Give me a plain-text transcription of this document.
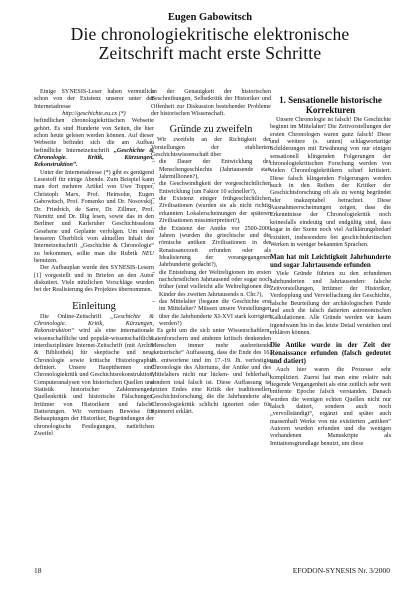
Eugen Gabowitsch
Die chronologiekritische elektronische
Zeitschrift macht erste Schritte

Einige SYNESIS-Leser haben vermutlich schon von der Existenz unserer unter der Internetadresse

http://geschichte.eu.cx (*)

befindlichen chronologiekritischen Webseite gehört. Es sind Hunderte von Seiten, die hier schon heute gelesen werden können. Auf dieser Webseite befindet sich die am Aufbau befindliche Internetzeitschrift „Geschichte & Chronologie. Kritik, Kürzungen, Rekonstruktion“.

Unter der Internetadresse (*) gibt es genügend Lesestoff für einige Abende. Zum Beispiel kann man dort mehrere Artikel von Uwe Topper, Christoph Marx, Prof. Heinsohn, Eugen Gabowitsch, Prof. Fomenko und Dr. Nosovskij, Dr. Friedrich, de Sarre, Dr. Zillmer, Prof. Niemitz und Dr. Illig lesen, sowie das in den Berliner und Karlsruher Geschichtssalons Gesehene und Geplante verfolgen. Um einen besseren Überblick vom aktuellen Inhalt der Internetzeitschrift „Geschichte & Chronologie“ zu bekommen, sollte man die Rubrik NEU benutzen.

Der Aufbauplan wurde den SYNESIS-Lesern [1] vorgestellt und in Briefen an den Autor diskutiert. Viele nützlichen Vorschläge wurden bei der Realisierung des Projektes übernommen.

Einleitung

Die Online-Zeitschrift „Geschichte & Chronologie. Kritik, Kürzungen, Rekonstruktion“ wird als eine internationale wissenschaftliche und populär-wissenschaftliche interdisziplinäre Internet-Zeitschrift (mit Archiv & Bibliothek) für skeptische und neue Chronologie sowie kritische Historiographie definiert. Unsere Hauptthemen sind Chronologiekritik und Geschichtsrekonstruktion, Computeranalysen von historischen Quellen und Statistik historischer Zahlenmengen, Quellenkritik und historische Fälschungen, Irrtümer von Historikern und falsche Datierungen. Wir vermissen Beweise für Behauptungen der Historiker, Begründungen der chronologische Festlegungen, natürlichen Zweifel

an der Genauigkeit der historischen Beschreibungen, Selbstkritik der Historiker und Offenheit zur Diskussion bestehender Probleme der historischen Wissenschaft.

Gründe zu zweifeln

Wir zweifeln an der Richtigkeit der Vorstellungen der etablierten Geschichtswissenschaft über

– die Dauer der Entwicklung des Menschengeschlechts (Jahrtausende statt Jahrmillionen?),
– die Geschwindigkeit der vorgeschichtlichen Entwicklung (um Faktor 10 schneller?),
– die Existenz einiger frühgeschichtlichen Zivilisationen (wurden sie als nicht richtig erkannten Lokalerscheinungen der späteren Zivilisationen missinterpretiert?),
– die Existenz der Antike vor 2500-2000 Jahren (wurden die griechische und die römische antiken Zivilisationen in der Renaissancezeit erfunden oder als Idealisierung der vorangegangenen Jahrhunderte gedacht?),
– die Entstehung der Weltreligionen im ersten nachchristlichen Jahrtausend oder sogar noch früher (sind vielleicht alle Weltreligionen die Kinder des zweiten Jahrtausends n. Chr.?),
– das Mittelalter (begann die Geschichte erst im Mittelalter? Müssen unsere Vorstellungen über die Jahrhunderte XI-XVI stark korrigiert werden?)

Es geht um die sich unter Wissenschaftlern, Laienforschern und anderen kritisch denkenden Menschen immer mehr ausbreitende „ketzerische“ Auffassung, dass die Ende des 16. Jh. entworfene und im 17.-19. Jh. verfestigte Chronologie des Altertums, der Antike und des Mittelalters nicht nur lücken- und fehlerhaft, sondern total falsch ist. Diese Auffassung ist letzten Endes eine Kritik der traditionellen Geschichtsforschung, die die Jahrhunderte alte Chronologiekritik schlicht ignoriert oder für Spinnerei erklärt.

1. Sensationelle historische Korrekturen

Unsere Chronologie ist falsch! Die Geschichte beginnt im Mittelalter! Die Zeitvorstellungen der ersten Chronologen waren ganz falsch! Diese und weitere (s. unten) schlagwortartige Schilderungen mit Erwähnung von nur einigen sensationell klingenden Folgerungen der chronologiekritischen Forschung werden von vielen Chronologiekritikern scharf kritisiert. Diese falsch klingenden Folgerungen werden auch in den Reihen der Kritiker der Geschichtsforschung oft als zu wenig begründet oder inakzeptabel betrachtet. Diese Ausnahmeerscheinungen zeigen, dass die Erkenntnisse der Chronologiekritik noch keinesfalls eindeutig und endgültig sind, dass sogar in der Szene noch viel Aufklärungsbedarf existiert, insbesondere bei geschichtskritischen Werken in weniger bekannten Sprachen.

Man hat mit Leichtigkeit Jahrhunderte und sogar Jahrtausende erfunden

Viele Gründe führten zu den erfundenen Jahrhunderten und Jahrtausenden: falsche Zeitvorstellungen, Irrtümer der Historiker, Verdopplung und Vervielfachung der Geschichte, falsche Beurteilung der archäologischen Funde und auch die falsch datierten astronomischen Kalkulationen. Alle Gründe werden wir kaum irgendwann bis in das letzte Detail verstehen und erklären können.

Die Antike wurde in der Zeit der Renaissance erfunden (falsch gedeutet und datiert)

Auch hier waren die Prozesse sehr kompliziert. Zuerst hat man eine relativ nah liegende Vergangenheit als eine zeitlich sehr weit entfernte Epoche falsch verstanden. Danach wurden die wenigen echten Quellen nicht nur falsch datiert, sondern auch noch „vervollständigt“, ergänzt und später auch massenhaft Werke von nie existierten „antiken“ Autoren wurden erfunden und die wenigen vorhandenen Manuskripte als Imitationsgrundlage benutzt, um diese

18	EFODON-SYNESIS Nr. 3/2000
